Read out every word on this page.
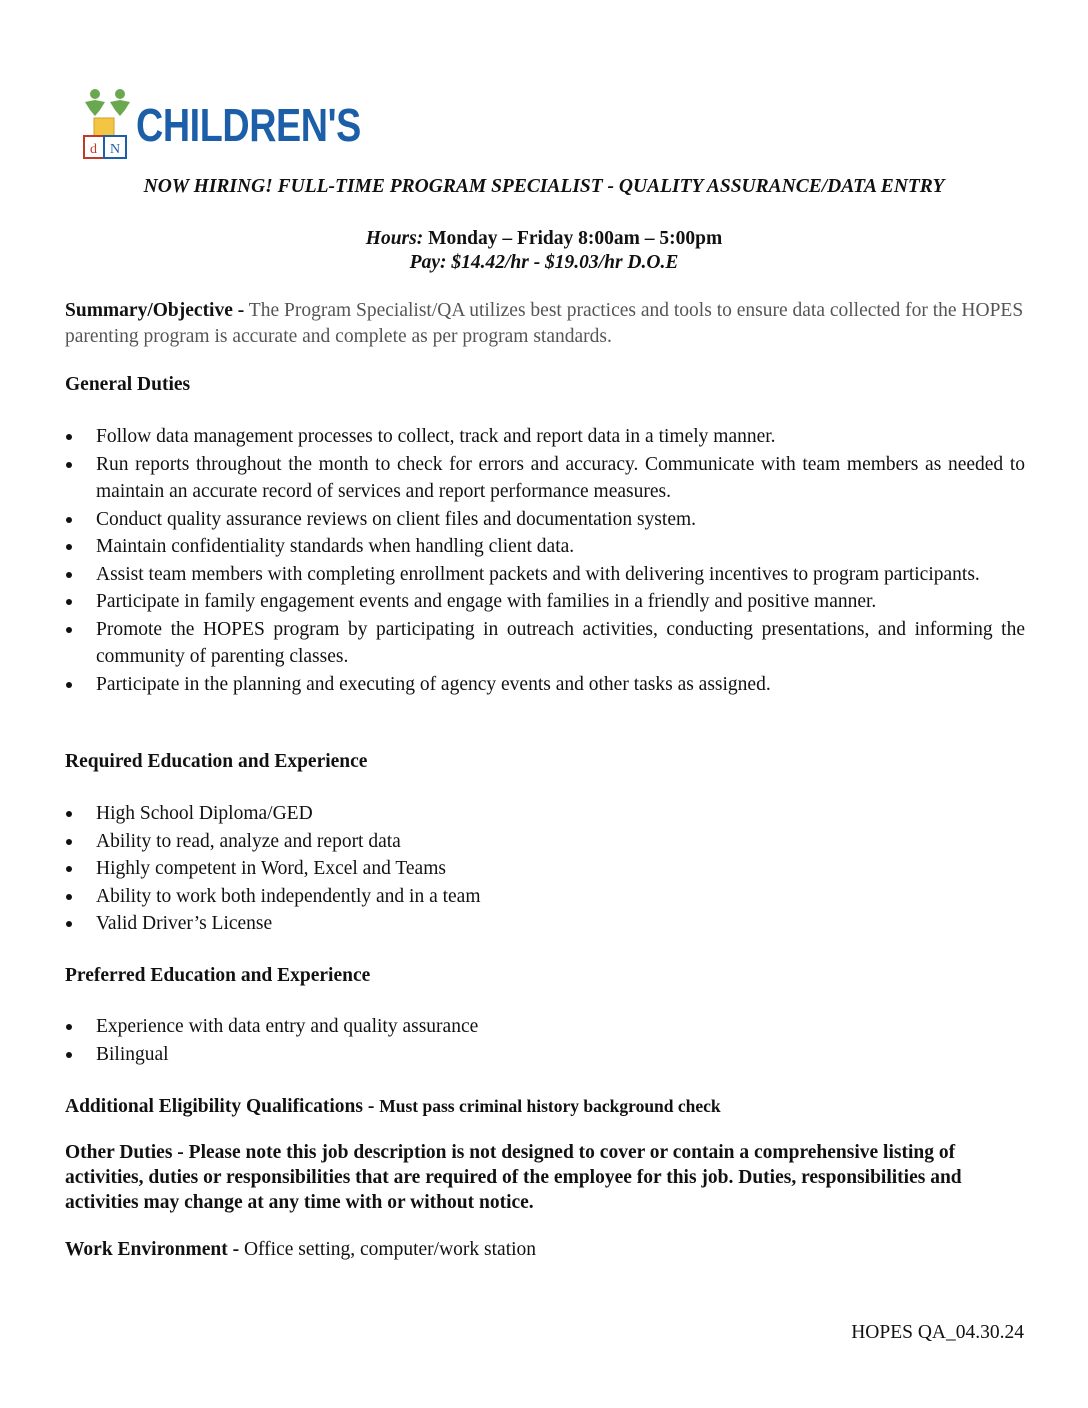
d N CHILDREN'S
NOW HIRING! FULL-TIME PROGRAM SPECIALIST - QUALITY ASSURANCE/DATA ENTRY
Hours: Monday – Friday 8:00am – 5:00pm
Pay: $14.42/hr - $19.03/hr D.O.E
Summary/Objective - The Program Specialist/QA utilizes best practices and tools to ensure data collected for the HOPES parenting program is accurate and complete as per program standards.
General Duties
Follow data management processes to collect, track and report data in a timely manner.
Run reports throughout the month to check for errors and accuracy. Communicate with team members as needed to maintain an accurate record of services and report performance measures.
Conduct quality assurance reviews on client files and documentation system.
Maintain confidentiality standards when handling client data.
Assist team members with completing enrollment packets and with delivering incentives to program participants.
Participate in family engagement events and engage with families in a friendly and positive manner.
Promote the HOPES program by participating in outreach activities, conducting presentations, and informing the community of parenting classes.
Participate in the planning and executing of agency events and other tasks as assigned.
Required Education and Experience
High School Diploma/GED
Ability to read, analyze and report data
Highly competent in Word, Excel and Teams
Ability to work both independently and in a team
Valid Driver’s License
Preferred Education and Experience
Experience with data entry and quality assurance
Bilingual
Additional Eligibility Qualifications - Must pass criminal history background check
Other Duties - Please note this job description is not designed to cover or contain a comprehensive listing of activities, duties or responsibilities that are required of the employee for this job. Duties, responsibilities and activities may change at any time with or without notice.
Work Environment - Office setting, computer/work station
HOPES QA_04.30.24
